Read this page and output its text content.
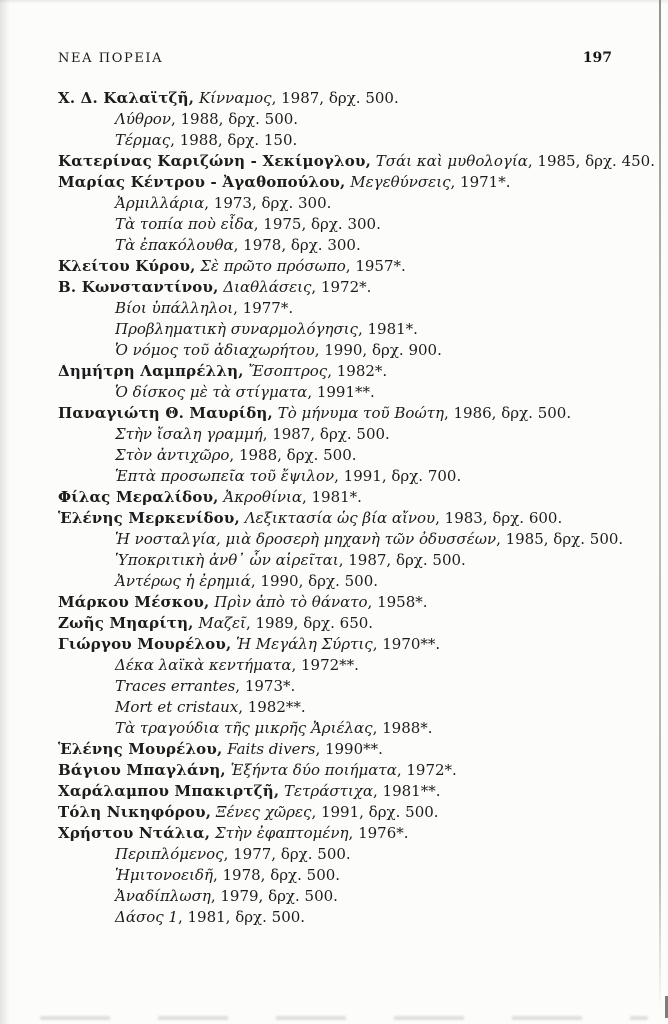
ΝΕΑ ΠΟΡΕΙΑ	197
Χ. Δ. Καλαϊτζῆ, Κίνναμος, 1987, δρχ. 500.
Λύθρον, 1988, δρχ. 500.
Τέρμας, 1988, δρχ. 150.
Κατερίνας Καριζώνη - Χεκίμογλου, Τσάι καὶ μυθολογία, 1985, δρχ. 450.
Μαρίας Κέντρου - Ἀγαθοπούλου, Μεγεθύνσεις, 1971*.
Ἀρμιλλάρια, 1973, δρχ. 300.
Τὰ τοπία ποὺ εἶδα, 1975, δρχ. 300.
Τὰ ἐπακόλουθα, 1978, δρχ. 300.
Κλείτου Κύρου, Σὲ πρῶτο πρόσωπο, 1957*.
Β. Κωνσταντίνου, Διαθλάσεις, 1972*.
Βίοι ὑπάλληλοι, 1977*.
Προβληματικὴ συναρμολόγησις, 1981*.
Ὁ νόμος τοῦ ἀδιαχωρήτου, 1990, δρχ. 900.
Δημήτρη Λαμπρέλλη, Ἔσοπτρος, 1982*.
Ὁ δίσκος μὲ τὰ στίγματα, 1991**.
Παναγιώτη Θ. Μαυρίδη, Τὸ μήνυμα τοῦ Βοώτη, 1986, δρχ. 500.
Στὴν ἴσαλη γραμμή, 1987, δρχ. 500.
Στὸν ἀντιχῶρο, 1988, δρχ. 500.
Ἑπτὰ προσωπεῖα τοῦ ἔψιλον, 1991, δρχ. 700.
Φίλας Μεραλίδου, Ἀκροθίνια, 1981*.
Ἑλένης Μερκενίδου, Λεξικτασία ὡς βία αἴνου, 1983, δρχ. 600.
Ἡ νοσταλγία, μιὰ δροσερὴ μηχανὴ τῶν ὀδυσσέων, 1985, δρχ. 500.
Ὑποκριτικὴ ἀνθ᾽ ὧν αἱρεῖται, 1987, δρχ. 500.
Ἀντέρως ἡ ἐρημιά, 1990, δρχ. 500.
Μάρκου Μέσκου, Πρὶν ἀπὸ τὸ θάνατο, 1958*.
Ζωῆς Μηαρίτη, Μαζεῖ, 1989, δρχ. 650.
Γιώργου Μουρέλου, Ἡ Μεγάλη Σύρτις, 1970**.
Δέκα λαϊκὰ κεντήματα, 1972**.
Traces errantes, 1973*.
Mort et cristaux, 1982**.
Τὰ τραγούδια τῆς μικρῆς Ἀριέλας, 1988*.
Ἑλένης Μουρέλου, Faits divers, 1990**.
Βάγιου Μπαγλάνη, Ἑξήντα δύο ποιήματα, 1972*.
Χαράλαμπου Μπακιρτζῆ, Τετράστιχα, 1981**.
Τόλη Νικηφόρου, Ξένες χῶρες, 1991, δρχ. 500.
Χρήστου Ντάλια, Στὴν ἐφαπτομένη, 1976*.
Περιπλόμενος, 1977, δρχ. 500.
Ἡμιτονοειδῆ, 1978, δρχ. 500.
Ἀναδίπλωση, 1979, δρχ. 500.
Δάσος 1, 1981, δρχ. 500.
